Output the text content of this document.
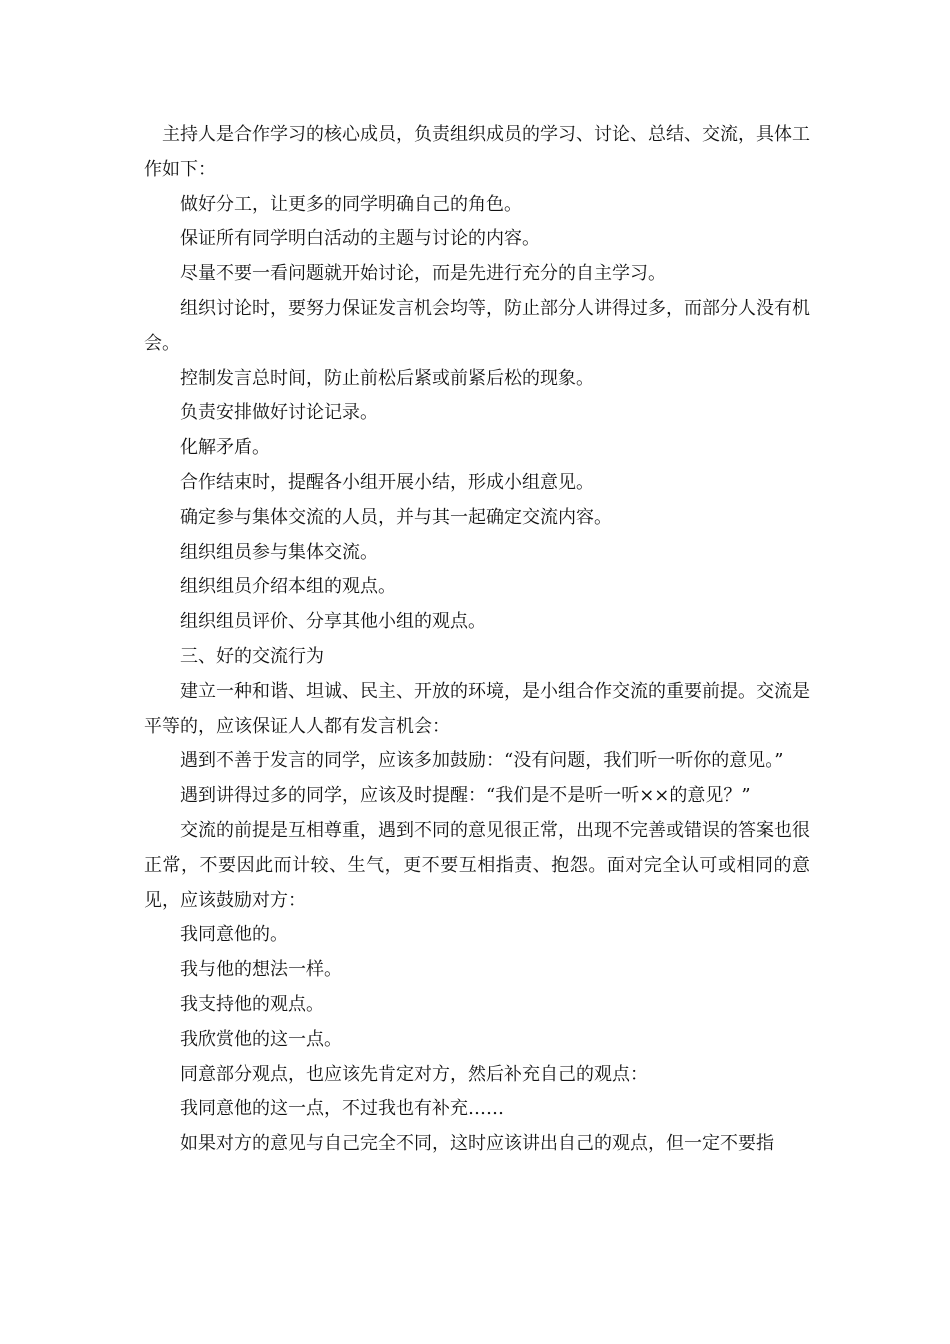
主持人是合作学习的核心成员，负责组织成员的学习、讨论、总结、交流，具体工作如下：

做好分工，让更多的同学明确自己的角色。

保证所有同学明白活动的主题与讨论的内容。

尽量不要一看问题就开始讨论，而是先进行充分的自主学习。

组织讨论时，要努力保证发言机会均等，防止部分人讲得过多，而部分人没有机会。

控制发言总时间，防止前松后紧或前紧后松的现象。

负责安排做好讨论记录。

化解矛盾。

合作结束时，提醒各小组开展小结，形成小组意见。

确定参与集体交流的人员，并与其一起确定交流内容。

组织组员参与集体交流。

组织组员介绍本组的观点。

组织组员评价、分享其他小组的观点。

三、好的交流行为

建立一种和谐、坦诚、民主、开放的环境，是小组合作交流的重要前提。交流是平等的，应该保证人人都有发言机会：

遇到不善于发言的同学，应该多加鼓励：“没有问题，我们听一听你的意见。”

遇到讲得过多的同学，应该及时提醒：“我们是不是听一听××的意见？”

交流的前提是互相尊重，遇到不同的意见很正常，出现不完善或错误的答案也很正常，不要因此而计较、生气，更不要互相指责、抱怨。面对完全认可或相同的意见，应该鼓励对方：

我同意他的。

我与他的想法一样。

我支持他的观点。

我欣赏他的这一点。

同意部分观点，也应该先肯定对方，然后补充自己的观点：

我同意他的这一点，不过我也有补充……

如果对方的意见与自己完全不同，这时应该讲出自己的观点，但一定不要指
